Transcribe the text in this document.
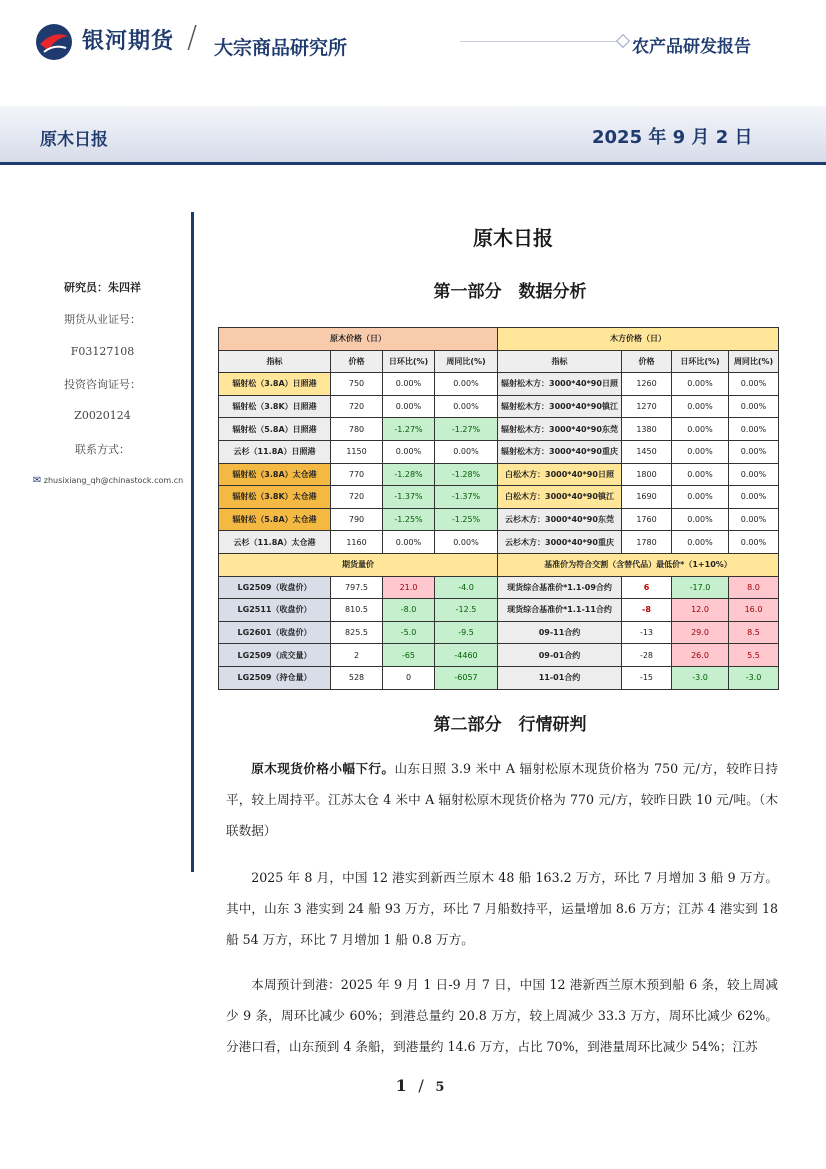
银河期货 / 大宗商品研究所	农产品研发报告
原木日报	2025 年 9 月 2 日
研究员：朱四祥
期货从业证号：
F03127108
投资咨询证号：
Z0020124
联系方式：
✉ zhusixiang_qh@chinastock.com.cn
原木日报
第一部分　数据分析
原木价格（日）				木方价格（日）			
指标	价格	日环比(%)	周同比(%)	指标	价格	日环比(%)	周同比(%)
辐射松（3.8A）日照港	750	0.00%	0.00%	辐射松木方：3000*40*90日照	1260	0.00%	0.00%
辐射松（3.8K）日照港	720	0.00%	0.00%	辐射松木方：3000*40*90镇江	1270	0.00%	0.00%
辐射松（5.8A）日照港	780	-1.27%	-1.27%	辐射松木方：3000*40*90东莞	1380	0.00%	0.00%
云杉（11.8A）日照港	1150	0.00%	0.00%	辐射松木方：3000*40*90重庆	1450	0.00%	0.00%
辐射松（3.8A）太仓港	770	-1.28%	-1.28%	白松木方：3000*40*90日照	1800	0.00%	0.00%
辐射松（3.8K）太仓港	720	-1.37%	-1.37%	白松木方：3000*40*90镇江	1690	0.00%	0.00%
辐射松（5.8A）太仓港	790	-1.25%	-1.25%	云杉木方：3000*40*90东莞	1760	0.00%	0.00%
云杉（11.8A）太仓港	1160	0.00%	0.00%	云杉木方：3000*40*90重庆	1780	0.00%	0.00%
期货量价				基准价为符合交割（含替代品）最低价*（1+10%）			
LG2509（收盘价）	797.5	21.0	-4.0	现货综合基准价*1.1-09合约	6	-17.0	8.0
LG2511（收盘价）	810.5	-8.0	-12.5	现货综合基准价*1.1-11合约	-8	12.0	16.0
LG2601（收盘价）	825.5	-5.0	-9.5	09-11合约	-13	29.0	8.5
LG2509（成交量）	2	-65	-4460	09-01合约	-28	26.0	5.5
LG2509（持仓量）	528	0	-6057	11-01合约	-15	-3.0	-3.0
第二部分　行情研判
原木现货价格小幅下行。山东日照 3.9 米中 A 辐射松原木现货价格为 750 元/方，较昨日持平，较上周持平。江苏太仓 4 米中 A 辐射松原木现货价格为 770 元/方，较昨日跌 10 元/吨。（木联数据）
2025 年 8 月，中国 12 港实到新西兰原木 48 船 163.2 万方，环比 7 月增加 3 船 9 万方。其中，山东 3 港实到 24 船 93 万方，环比 7 月船数持平，运量增加 8.6 万方；江苏 4 港实到 18 船 54 万方，环比 7 月增加 1 船 0.8 万方。
本周预计到港：2025 年 9 月 1 日-9 月 7 日，中国 12 港新西兰原木预到船 6 条，较上周减少 9 条，周环比减少 60%；到港总量约 20.8 万方，较上周减少 33.3 万方，周环比减少 62%。分港口看，山东预到 4 条船，到港量约 14.6 万方，占比 70%，到港量周环比减少 54%；江苏
1 / 5
